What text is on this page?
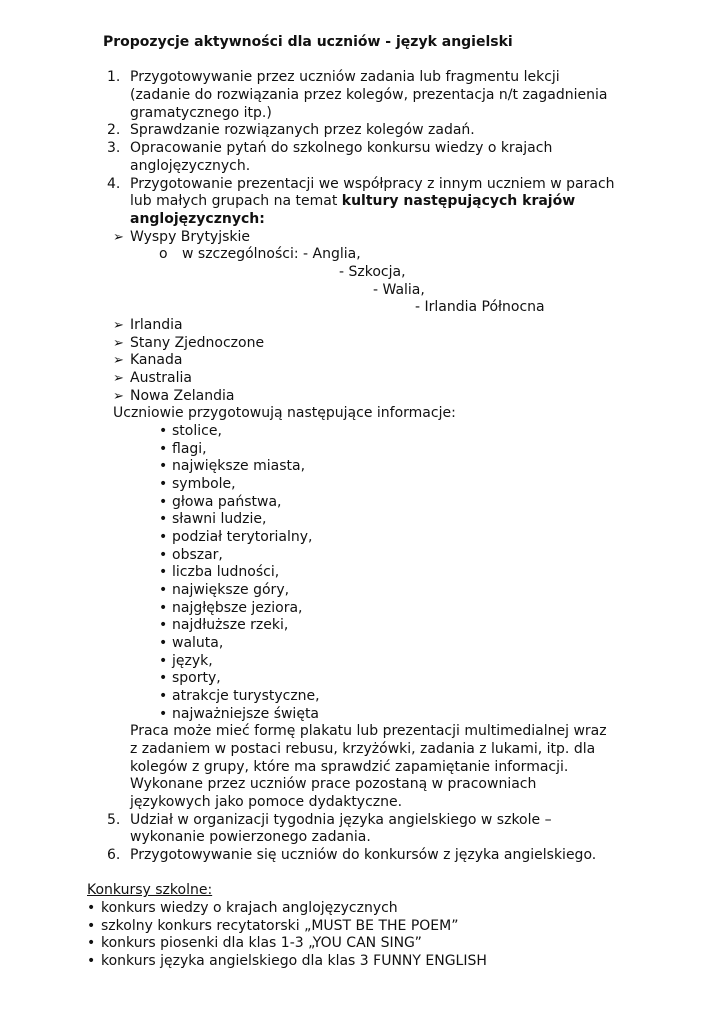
Propozycje aktywności dla uczniów - język angielski
1. Przygotowywanie przez uczniów zadania lub fragmentu lekcji
(zadanie do rozwiązania przez kolegów, prezentacja n/t zagadnienia
gramatycznego itp.)
2. Sprawdzanie rozwiązanych przez kolegów zadań.
3. Opracowanie pytań do szkolnego konkursu wiedzy o krajach
anglojęzycznych.
4. Przygotowanie prezentacji we współpracy z innym uczniem w parach
lub małych grupach na temat kultury następujących krajów
anglojęzycznych:
➢ Wyspy Brytyjskie
o w szczególności: - Anglia,
- Szkocja,
- Walia,
- Irlandia Północna
➢ Irlandia
➢ Stany Zjednoczone
➢ Kanada
➢ Australia
➢ Nowa Zelandia
Uczniowie przygotowują następujące informacje:
• stolice,
• flagi,
• największe miasta,
• symbole,
• głowa państwa,
• sławni ludzie,
• podział terytorialny,
• obszar,
• liczba ludności,
• największe góry,
• najgłębsze jeziora,
• najdłuższe rzeki,
• waluta,
• język,
• sporty,
• atrakcje turystyczne,
• najważniejsze święta
Praca może mieć formę plakatu lub prezentacji multimedialnej wraz
z zadaniem w postaci rebusu, krzyżówki, zadania z lukami, itp. dla
kolegów z grupy, które ma sprawdzić zapamiętanie informacji.
Wykonane przez uczniów prace pozostaną w pracowniach
językowych jako pomoce dydaktyczne.
5. Udział w organizacji tygodnia języka angielskiego w szkole –
wykonanie powierzonego zadania.
6. Przygotowywanie się uczniów do konkursów z języka angielskiego.
Konkursy szkolne:
• konkurs wiedzy o krajach anglojęzycznych
• szkolny konkurs recytatorski „MUST BE THE POEM”
• konkurs piosenki dla klas 1-3 „YOU CAN SING”
• konkurs języka angielskiego dla klas 3 FUNNY ENGLISH
